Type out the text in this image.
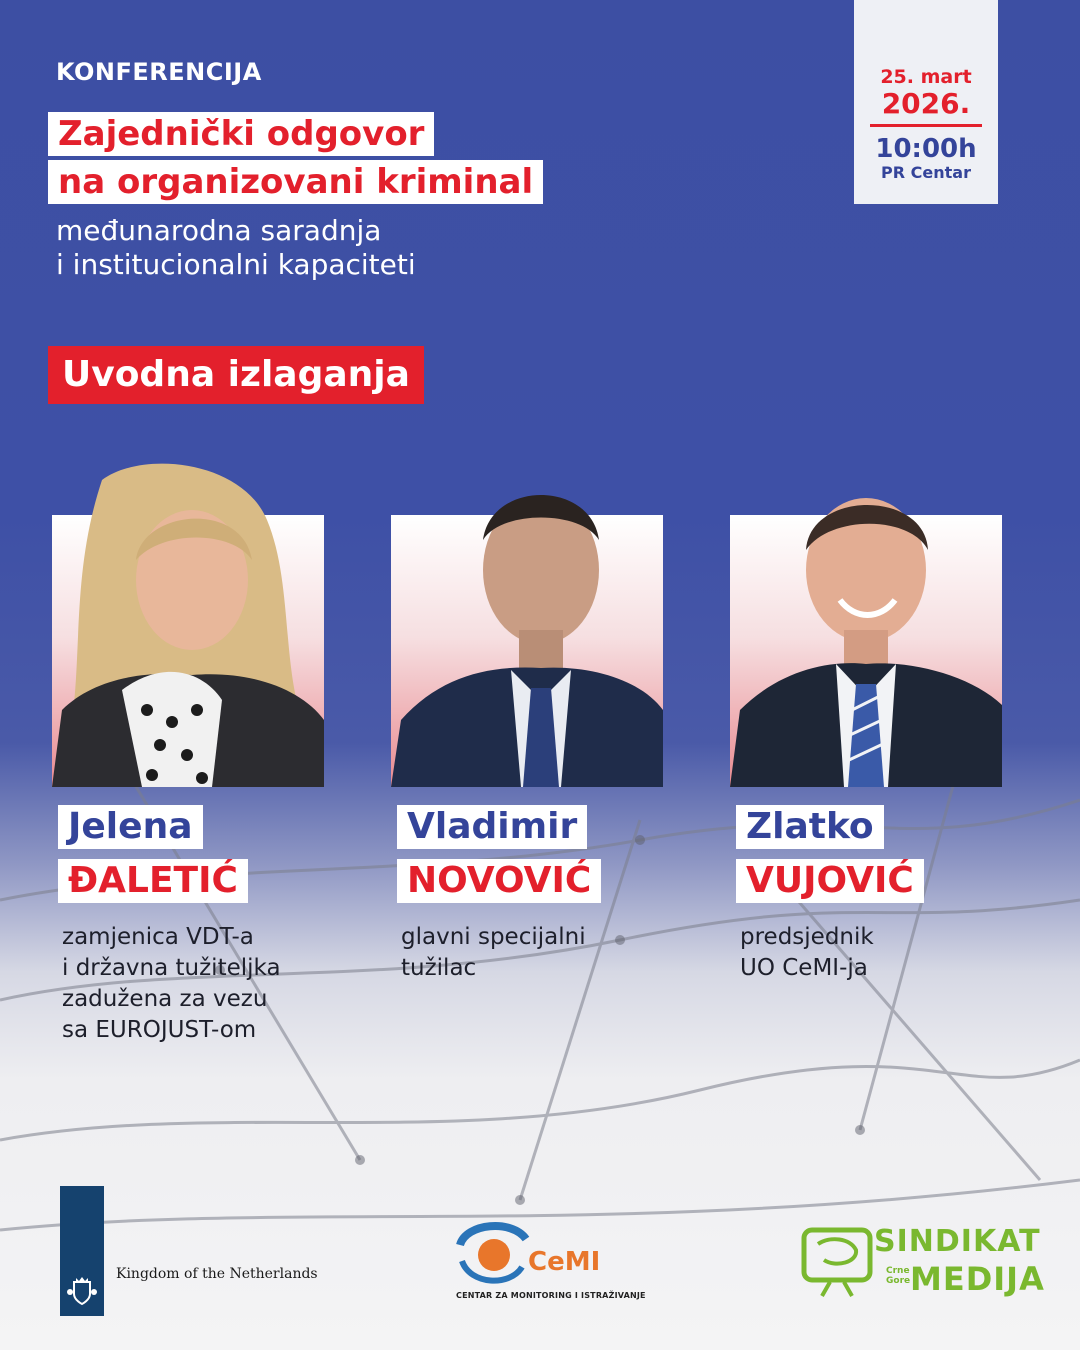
KONFERENCIJA
Zajednički odgovor
na organizovani kriminal
međunarodna saradnja
i institucionalni kapaciteti
25. mart
2026.
10:00h
PR Centar
Uvodna izlaganja
Jelena
ĐALETIĆ
zamjenica VDT-a
i državna tužiteljka
zadužena za vezu
sa EUROJUST-om
Vladimir
NOVOVIĆ
glavni specijalni
tužilac
Zlatko
VUJOVIĆ
predsjednik
UO CeMI-ja
Kingdom of the Netherlands	CeMI
CENTAR ZA MONITORING I ISTRAŽIVANJE
SINDIKAT
Crne
Gore MEDIJA
